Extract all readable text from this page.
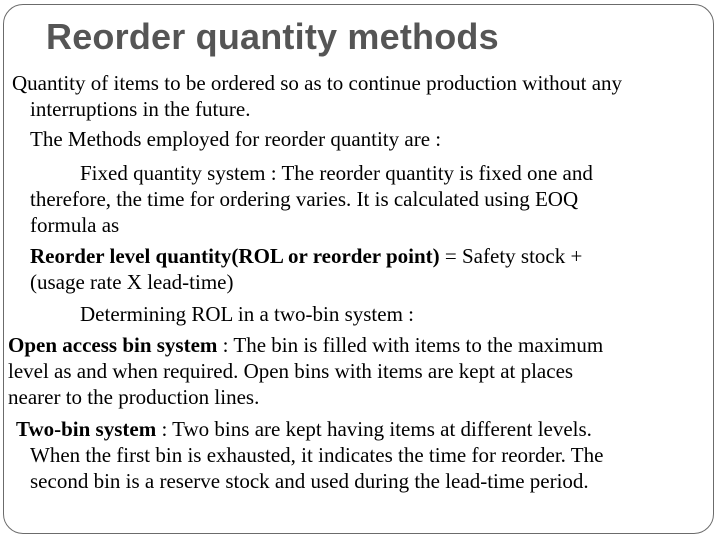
Reorder quantity methods
Quantity of items to be ordered so as to continue production without any
interruptions in the future.
The Methods employed for reorder quantity are :
Fixed quantity system : The reorder quantity is fixed one and
therefore, the time for ordering varies. It is calculated using EOQ
formula as
Reorder level quantity(ROL or reorder point) = Safety stock +
(usage rate X lead-time)
Determining ROL in a two-bin system :
Open access bin system : The bin is filled with items to the maximum
level as and when required. Open bins with items are kept at places
nearer to the production lines.
Two-bin system : Two bins are kept having items at different levels.
When the first bin is exhausted, it indicates the time for reorder. The
second bin is a reserve stock and used during the lead-time period.
